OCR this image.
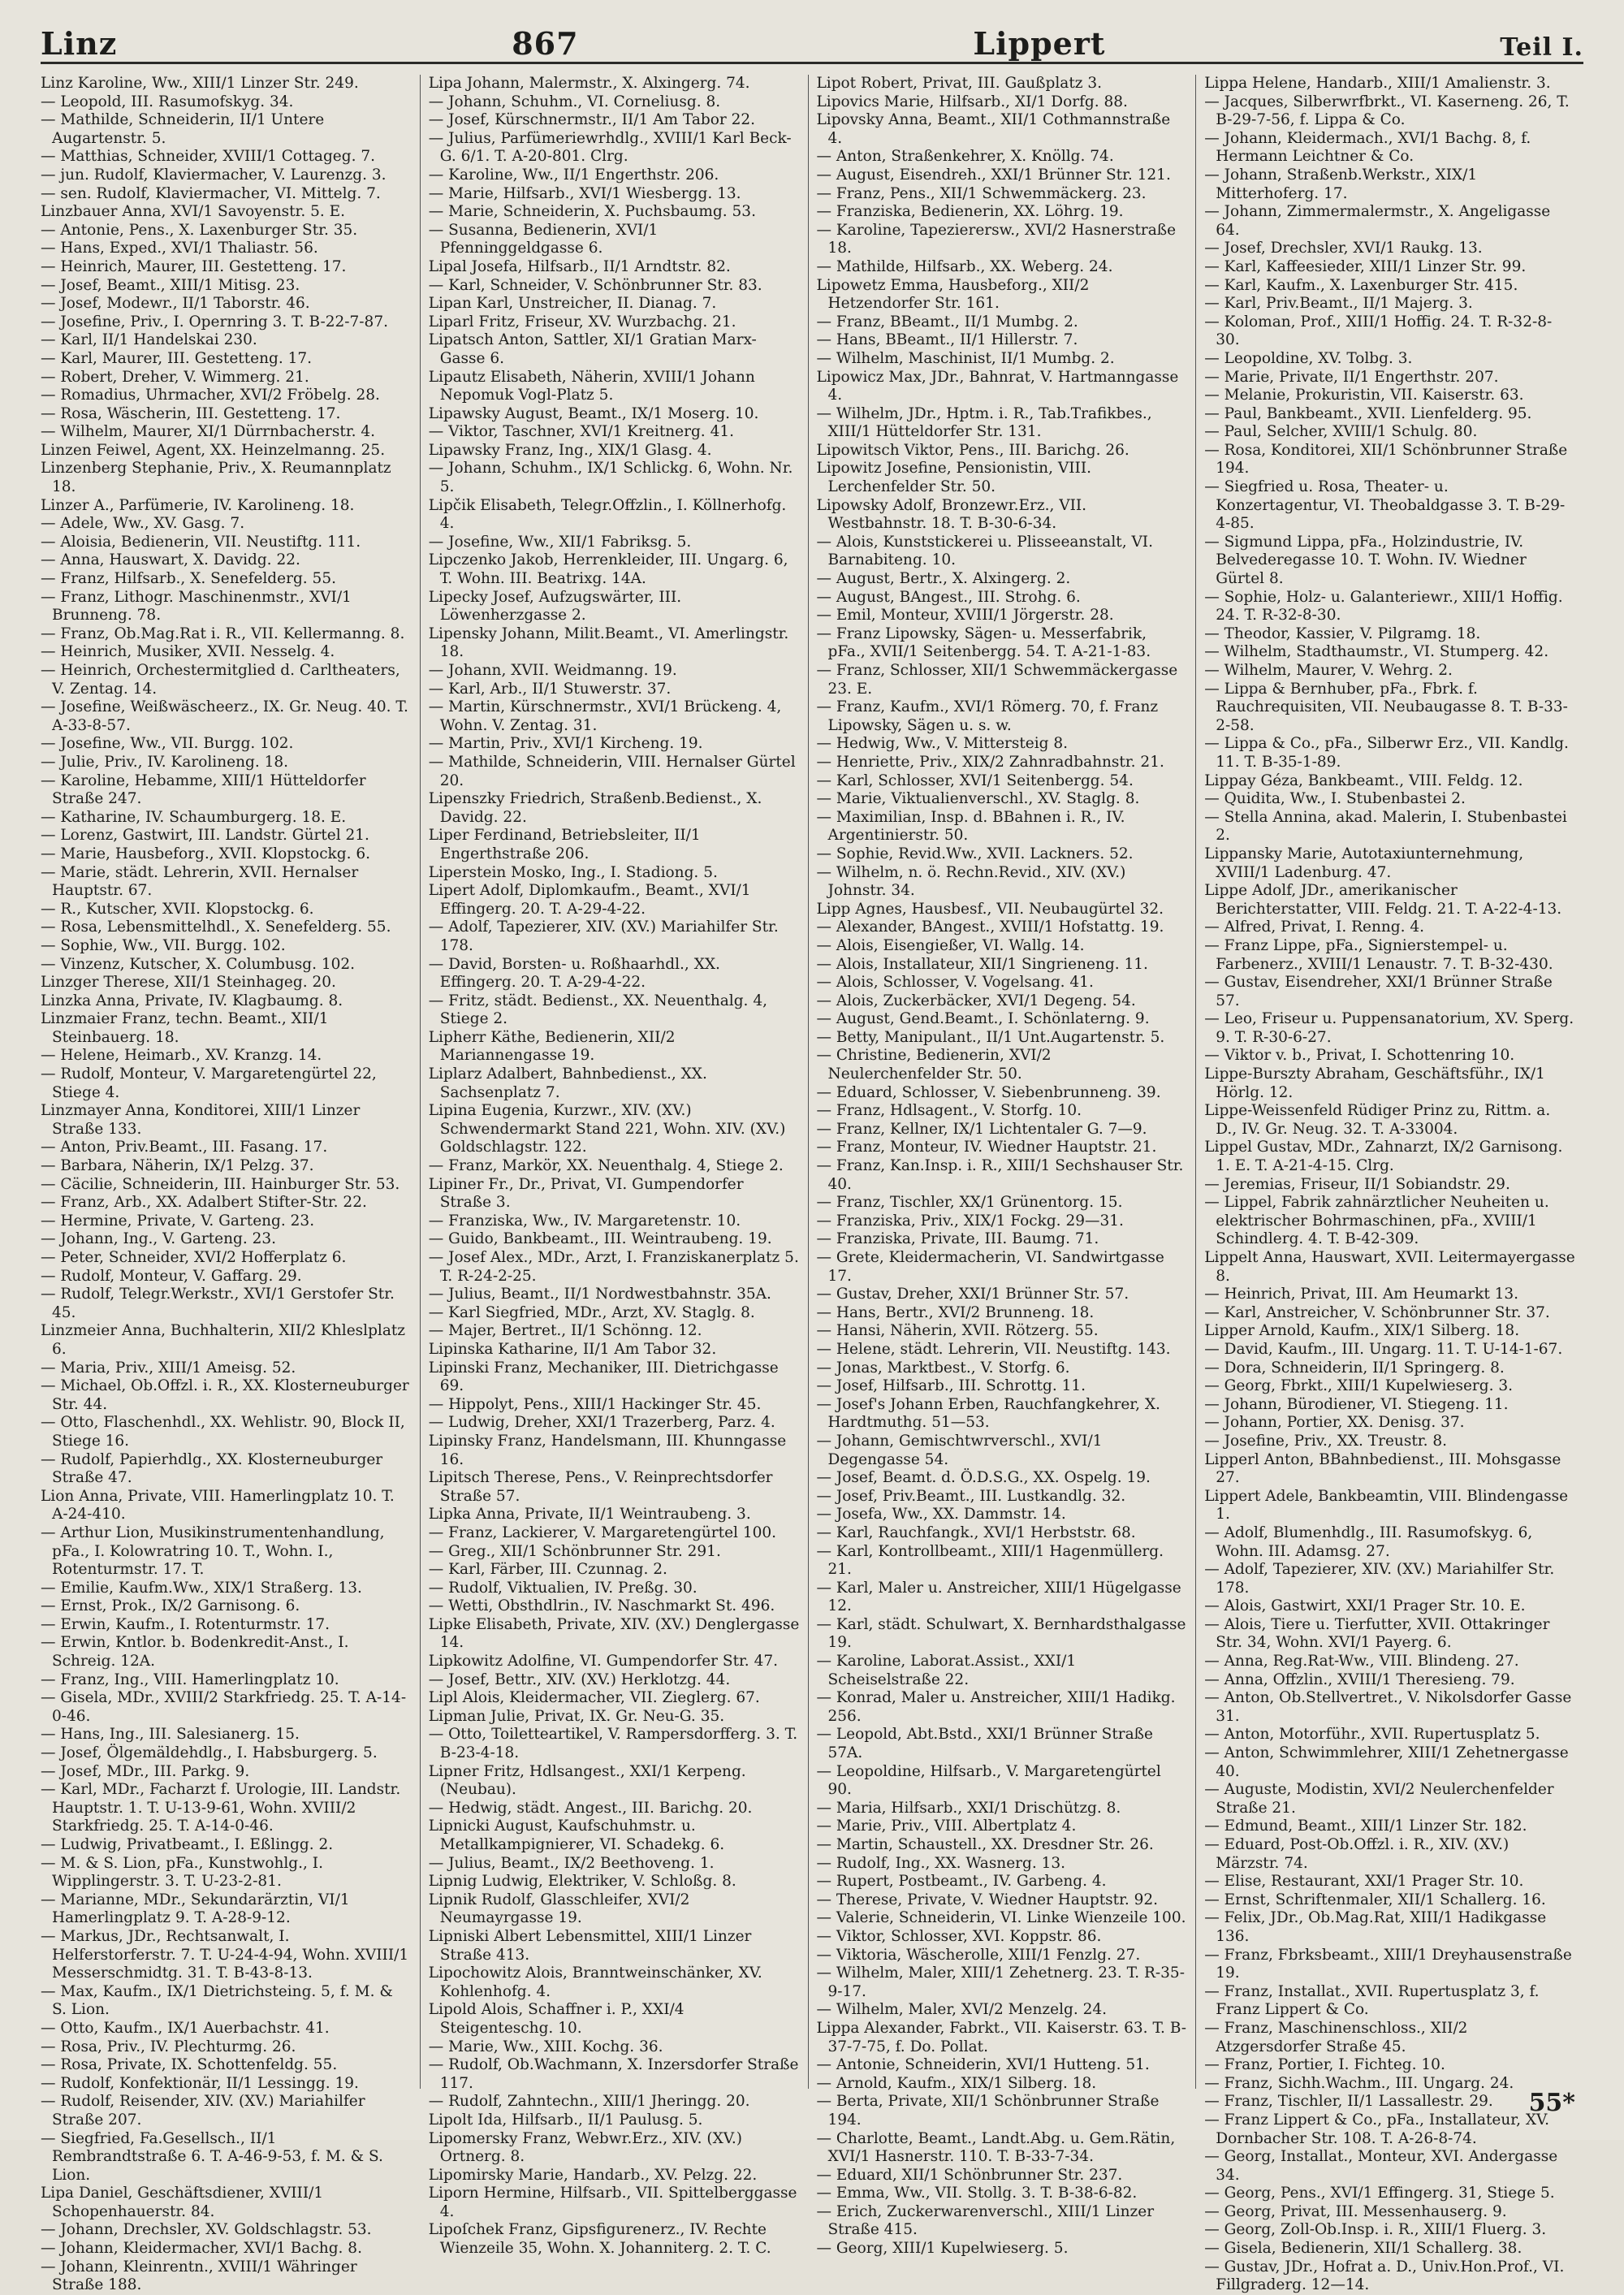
Linz	867	Lippert	Teil I.
Linz Karoline, Ww., XIII/1 Linzer Str. 249.
— Leopold, III. Rasumofskyg. 34.
— Mathilde, Schneiderin, II/1 Untere Augartenstr. 5.
— Matthias, Schneider, XVIII/1 Cottageg. 7.
— jun. Rudolf, Klaviermacher, V. Laurenzg. 3.
— sen. Rudolf, Klaviermacher, VI. Mittelg. 7.
Linzbauer Anna, XVI/1 Savoyenstr. 5. E.
— Antonie, Pens., X. Laxenburger Str. 35.
— Hans, Exped., XVI/1 Thaliastr. 56.
— Heinrich, Maurer, III. Gestetteng. 17.
— Josef, Beamt., XIII/1 Mitisg. 23.
— Josef, Modewr., II/1 Taborstr. 46.
— Josefine, Priv., I. Opernring 3. T. B-22-7-87.
— Karl, II/1 Handelskai 230.
— Karl, Maurer, III. Gestetteng. 17.
— Robert, Dreher, V. Wimmerg. 21.
— Romadius, Uhrmacher, XVI/2 Fröbelg. 28.
— Rosa, Wäscherin, III. Gestetteng. 17.
— Wilhelm, Maurer, XI/1 Dürrnbacherstr. 4.
Linzen Feiwel, Agent, XX. Heinzelmanng. 25.
Linzenberg Stephanie, Priv., X. Reumannplatz 18.
Linzer A., Parfümerie, IV. Karolineng. 18.
— Adele, Ww., XV. Gasg. 7.
— Aloisia, Bedienerin, VII. Neustiftg. 111.
— Anna, Hauswart, X. Davidg. 22.
— Franz, Hilfsarb., X. Senefelderg. 55.
— Franz, Lithogr. Maschinenmstr., XVI/1 Brunneng. 78.
— Franz, Ob.Mag.Rat i. R., VII. Kellermanng. 8.
— Heinrich, Musiker, XVII. Nesselg. 4.
— Heinrich, Orchestermitglied d. Carltheaters, V. Zentag. 14.
— Josefine, Weißwäscheerz., IX. Gr. Neug. 40. T. A-33-8-57.
— Josefine, Ww., VII. Burgg. 102.
— Julie, Priv., IV. Karolineng. 18.
— Karoline, Hebamme, XIII/1 Hütteldorfer Straße 247.
— Katharine, IV. Schaumburgerg. 18. E.
— Lorenz, Gastwirt, III. Landstr. Gürtel 21.
— Marie, Hausbeforg., XVII. Klopstockg. 6.
— Marie, städt. Lehrerin, XVII. Hernalser Hauptstr. 67.
— R., Kutscher, XVII. Klopstockg. 6.
— Rosa, Lebensmittelhdl., X. Senefelderg. 55.
— Sophie, Ww., VII. Burgg. 102.
— Vinzenz, Kutscher, X. Columbusg. 102.
Linzger Therese, XII/1 Steinhageg. 20.
Linzka Anna, Private, IV. Klagbaumg. 8.
Linzmaier Franz, techn. Beamt., XII/1 Steinbauerg. 18.
— Helene, Heimarb., XV. Kranzg. 14.
— Rudolf, Monteur, V. Margaretengürtel 22, Stiege 4.
Linzmayer Anna, Konditorei, XIII/1 Linzer Straße 133.
— Anton, Priv.Beamt., III. Fasang. 17.
— Barbara, Näherin, IX/1 Pelzg. 37.
— Cäcilie, Schneiderin, III. Hainburger Str. 53.
— Franz, Arb., XX. Adalbert Stifter-Str. 22.
— Hermine, Private, V. Garteng. 23.
— Johann, Ing., V. Garteng. 23.
— Peter, Schneider, XVI/2 Hofferplatz 6.
— Rudolf, Monteur, V. Gaffarg. 29.
— Rudolf, Telegr.Werkstr., XVI/1 Gerstofer Str. 45.
Linzmeier Anna, Buchhalterin, XII/2 Khleslplatz 6.
— Maria, Priv., XIII/1 Ameisg. 52.
— Michael, Ob.Offzl. i. R., XX. Klosterneuburger Str. 44.
— Otto, Flaschenhdl., XX. Wehlistr. 90, Block II, Stiege 16.
— Rudolf, Papierhdlg., XX. Klosterneuburger Straße 47.
Lion Anna, Private, VIII. Hamerlingplatz 10. T. A-24-410.
— Arthur Lion, Musikinstrumentenhandlung, pFa., I. Kolowratring 10. T., Wohn. I., Rotenturmstr. 17. T.
— Emilie, Kaufm.Ww., XIX/1 Straßerg. 13.
— Ernst, Prok., IX/2 Garnisong. 6.
— Erwin, Kaufm., I. Rotenturmstr. 17.
— Erwin, Kntlor. b. Bodenkredit-Anst., I. Schreig. 12A.
— Franz, Ing., VIII. Hamerlingplatz 10.
— Gisela, MDr., XVIII/2 Starkfriedg. 25. T. A-14-0-46.
— Hans, Ing., III. Salesianerg. 15.
— Josef, Ölgemäldehdlg., I. Habsburgerg. 5.
— Josef, MDr., III. Parkg. 9.
— Karl, MDr., Facharzt f. Urologie, III. Landstr. Hauptstr. 1. T. U-13-9-61, Wohn. XVIII/2 Starkfriedg. 25. T. A-14-0-46.
— Ludwig, Privatbeamt., I. Eßlingg. 2.
— M. & S. Lion, pFa., Kunstwohlg., I. Wipplingerstr. 3. T. U-23-2-81.
— Marianne, MDr., Sekundarärztin, VI/1 Hamerlingplatz 9. T. A-28-9-12.
— Markus, JDr., Rechtsanwalt, I. Helferstorferstr. 7. T. U-24-4-94, Wohn. XVIII/1 Messerschmidtg. 31. T. B-43-8-13.
— Max, Kaufm., IX/1 Dietrichsteing. 5, f. M. & S. Lion.
— Otto, Kaufm., IX/1 Auerbachstr. 41.
— Rosa, Priv., IV. Plechturmg. 26.
— Rosa, Private, IX. Schottenfeldg. 55.
— Rudolf, Konfektionär, II/1 Lessingg. 19.
— Rudolf, Reisender, XIV. (XV.) Mariahilfer Straße 207.
— Siegfried, Fa.Gesellsch., II/1 Rembrandtstraße 6. T. A-46-9-53, f. M. & S. Lion.
Lipa Daniel, Geschäftsdiener, XVIII/1 Schopenhauerstr. 84.
— Johann, Drechsler, XV. Goldschlagstr. 53.
— Johann, Kleidermacher, XVI/1 Bachg. 8.
— Johann, Kleinrentn., XVIII/1 Währinger Straße 188.
Lipa Johann, Malermstr., X. Alxingerg. 74.
— Johann, Schuhm., VI. Corneliusg. 8.
— Josef, Kürschnermstr., II/1 Am Tabor 22.
— Julius, Parfümeriewrhdlg., XVIII/1 Karl Beck-G. 6/1. T. A-20-801. Clrg.
— Karoline, Ww., II/1 Engerthstr. 206.
— Marie, Hilfsarb., XVI/1 Wiesbergg. 13.
— Marie, Schneiderin, X. Puchsbaumg. 53.
— Susanna, Bedienerin, XVI/1 Pfenninggeldgasse 6.
Lipal Josefa, Hilfsarb., II/1 Arndtstr. 82.
— Karl, Schneider, V. Schönbrunner Str. 83.
Lipan Karl, Unstreicher, II. Dianag. 7.
Liparl Fritz, Friseur, XV. Wurzbachg. 21.
Lipatsch Anton, Sattler, XI/1 Gratian Marx-Gasse 6.
Lipautz Elisabeth, Näherin, XVIII/1 Johann Nepomuk Vogl-Platz 5.
Lipawsky August, Beamt., IX/1 Moserg. 10.
— Viktor, Taschner, XVI/1 Kreitnerg. 41.
Lipawsky Franz, Ing., XIX/1 Glasg. 4.
— Johann, Schuhm., IX/1 Schlickg. 6, Wohn. Nr. 5.
Lipčik Elisabeth, Telegr.Offzlin., I. Köllnerhofg. 4.
— Josefine, Ww., XII/1 Fabriksg. 5.
Lipczenko Jakob, Herrenkleider, III. Ungarg. 6, T. Wohn. III. Beatrixg. 14A.
Lipecky Josef, Aufzugswärter, III. Löwenherzgasse 2.
Lipensky Johann, Milit.Beamt., VI. Amerlingstr. 18.
— Johann, XVII. Weidmanng. 19.
— Karl, Arb., II/1 Stuwerstr. 37.
— Martin, Kürschnermstr., XVI/1 Brückeng. 4, Wohn. V. Zentag. 31.
— Martin, Priv., XVI/1 Kircheng. 19.
— Mathilde, Schneiderin, VIII. Hernalser Gürtel 20.
Lipenszky Friedrich, Straßenb.Bedienst., X. Davidg. 22.
Liper Ferdinand, Betriebsleiter, II/1 Engerthstraße 206.
Liperstein Mosko, Ing., I. Stadiong. 5.
Lipert Adolf, Diplomkaufm., Beamt., XVI/1 Effingerg. 20. T. A-29-4-22.
— Adolf, Tapezierer, XIV. (XV.) Mariahilfer Str. 178.
— David, Borsten- u. Roßhaarhdl., XX. Effingerg. 20. T. A-29-4-22.
— Fritz, städt. Bedienst., XX. Neuenthalg. 4, Stiege 2.
Lipherr Käthe, Bedienerin, XII/2 Mariannengasse 19.
Liplarz Adalbert, Bahnbedienst., XX. Sachsenplatz 7.
Lipina Eugenia, Kurzwr., XIV. (XV.) Schwendermarkt Stand 221, Wohn. XIV. (XV.) Goldschlagstr. 122.
— Franz, Markör, XX. Neuenthalg. 4, Stiege 2.
Lipiner Fr., Dr., Privat, VI. Gumpendorfer Straße 3.
— Franziska, Ww., IV. Margaretenstr. 10.
— Guido, Bankbeamt., III. Weintraubeng. 19.
— Josef Alex., MDr., Arzt, I. Franziskanerplatz 5. T. R-24-2-25.
— Julius, Beamt., II/1 Nordwestbahnstr. 35A.
— Karl Siegfried, MDr., Arzt, XV. Staglg. 8.
— Majer, Bertret., II/1 Schönng. 12.
Lipinska Katharine, II/1 Am Tabor 32.
Lipinski Franz, Mechaniker, III. Dietrichgasse 69.
— Hippolyt, Pens., XIII/1 Hackinger Str. 45.
— Ludwig, Dreher, XXI/1 Trazerberg, Parz. 4.
Lipinsky Franz, Handelsmann, III. Khunngasse 16.
Lipitsch Therese, Pens., V. Reinprechtsdorfer Straße 57.
Lipka Anna, Private, II/1 Weintraubeng. 3.
— Franz, Lackierer, V. Margaretengürtel 100.
— Greg., XII/1 Schönbrunner Str. 291.
— Karl, Färber, III. Czunnag. 2.
— Rudolf, Viktualien, IV. Preßg. 30.
— Wetti, Obsthdlrin., IV. Naschmarkt St. 496.
Lipke Elisabeth, Private, XIV. (XV.) Denglergasse 14.
Lipkowitz Adolfine, VI. Gumpendorfer Str. 47.
— Josef, Bettr., XIV. (XV.) Herklotzg. 44.
Lipl Alois, Kleidermacher, VII. Zieglerg. 67.
Lipman Julie, Privat, IX. Gr. Neu-G. 35.
— Otto, Toiletteartikel, V. Rampersdorfferg. 3. T. B-23-4-18.
Lipner Fritz, Hdlsangest., XXI/1 Kerpeng. (Neubau).
— Hedwig, städt. Angest., III. Barichg. 20.
Lipnicki August, Kaufschuhmstr. u. Metallkampignierer, VI. Schadekg. 6.
— Julius, Beamt., IX/2 Beethoveng. 1.
Lipnig Ludwig, Elektriker, V. Schloßg. 8.
Lipnik Rudolf, Glasschleifer, XVI/2 Neumayrgasse 19.
Lipniski Albert Lebensmittel, XIII/1 Linzer Straße 413.
Lipochowitz Alois, Branntweinschänker, XV. Kohlenhofg. 4.
Lipold Alois, Schaffner i. P., XXI/4 Steigenteschg. 10.
— Marie, Ww., XIII. Kochg. 36.
— Rudolf, Ob.Wachmann, X. Inzersdorfer Straße 117.
— Rudolf, Zahntechn., XIII/1 Jheringg. 20.
Lipolt Ida, Hilfsarb., II/1 Paulusg. 5.
Lipomersky Franz, Webwr.Erz., XIV. (XV.) Ortnerg. 8.
Lipomirsky Marie, Handarb., XV. Pelzg. 22.
Liporn Hermine, Hilfsarb., VII. Spittelberggasse 4.
Lipoſchek Franz, Gipsfigurenerz., IV. Rechte Wienzeile 35, Wohn. X. Johanniterg. 2. T. C.
Lipot Robert, Privat, III. Gaußplatz 3.
Lipovics Marie, Hilfsarb., XI/1 Dorfg. 88.
Lipovsky Anna, Beamt., XII/1 Cothmannstraße 4.
— Anton, Straßenkehrer, X. Knöllg. 74.
— August, Eisendreh., XXI/1 Brünner Str. 121.
— Franz, Pens., XII/1 Schwemmäckerg. 23.
— Franziska, Bedienerin, XX. Löhrg. 19.
— Karoline, Tapezierersw., XVI/2 Hasnerstraße 18.
— Mathilde, Hilfsarb., XX. Weberg. 24.
Lipowetz Emma, Hausbeforg., XII/2 Hetzendorfer Str. 161.
— Franz, BBeamt., II/1 Mumbg. 2.
— Hans, BBeamt., II/1 Hillerstr. 7.
— Wilhelm, Maschinist, II/1 Mumbg. 2.
Lipowicz Max, JDr., Bahnrat, V. Hartmanngasse 4.
— Wilhelm, JDr., Hptm. i. R., Tab.Trafikbes., XIII/1 Hütteldorfer Str. 131.
Lipowitsch Viktor, Pens., III. Barichg. 26.
Lipowitz Josefine, Pensionistin, VIII. Lerchenfelder Str. 50.
Lipowsky Adolf, Bronzewr.Erz., VII. Westbahnstr. 18. T. B-30-6-34.
— Alois, Kunststickerei u. Plisseeanstalt, VI. Barnabiteng. 10.
— August, Bertr., X. Alxingerg. 2.
— August, BAngest., III. Strohg. 6.
— Emil, Monteur, XVIII/1 Jörgerstr. 28.
— Franz Lipowsky, Sägen- u. Messerfabrik, pFa., XVII/1 Seitenbergg. 54. T. A-21-1-83.
— Franz, Schlosser, XII/1 Schwemmäckergasse 23. E.
— Franz, Kaufm., XVI/1 Römerg. 70, f. Franz Lipowsky, Sägen u. s. w.
— Hedwig, Ww., V. Mittersteig 8.
— Henriette, Priv., XIX/2 Zahnradbahnstr. 21.
— Karl, Schlosser, XVI/1 Seitenbergg. 54.
— Marie, Viktualienverschl., XV. Staglg. 8.
— Maximilian, Insp. d. BBahnen i. R., IV. Argentinierstr. 50.
— Sophie, Revid.Ww., XVII. Lackners. 52.
— Wilhelm, n. ö. Rechn.Revid., XIV. (XV.) Johnstr. 34.
Lipp Agnes, Hausbesf., VII. Neubaugürtel 32.
— Alexander, BAngest., XVIII/1 Hofstattg. 19.
— Alois, Eisengießer, VI. Wallg. 14.
— Alois, Installateur, XII/1 Singrieneng. 11.
— Alois, Schlosser, V. Vogelsang. 41.
— Alois, Zuckerbäcker, XVI/1 Degeng. 54.
— August, Gend.Beamt., I. Schönlaterng. 9.
— Betty, Manipulant., II/1 Unt.Augartenstr. 5.
— Christine, Bedienerin, XVI/2 Neulerchenfelder Str. 50.
— Eduard, Schlosser, V. Siebenbrunneng. 39.
— Franz, Hdlsagent., V. Storfg. 10.
— Franz, Kellner, IX/1 Lichtentaler G. 7—9.
— Franz, Monteur, IV. Wiedner Hauptstr. 21.
— Franz, Kan.Insp. i. R., XIII/1 Sechshauser Str. 40.
— Franz, Tischler, XX/1 Grünentorg. 15.
— Franziska, Priv., XIX/1 Fockg. 29—31.
— Franziska, Private, III. Baumg. 71.
— Grete, Kleidermacherin, VI. Sandwirtgasse 17.
— Gustav, Dreher, XXI/1 Brünner Str. 57.
— Hans, Bertr., XVI/2 Brunneng. 18.
— Hansi, Näherin, XVII. Rötzerg. 55.
— Helene, städt. Lehrerin, VII. Neustiftg. 143.
— Jonas, Marktbest., V. Storfg. 6.
— Josef, Hilfsarb., III. Schrottg. 11.
— Josef's Johann Erben, Rauchfangkehrer, X. Hardtmuthg. 51—53.
— Johann, Gemischtwrverschl., XVI/1 Degengasse 54.
— Josef, Beamt. d. Ö.D.S.G., XX. Ospelg. 19.
— Josef, Priv.Beamt., III. Lustkandlg. 32.
— Josefa, Ww., XX. Dammstr. 14.
— Karl, Rauchfangk., XVI/1 Herbststr. 68.
— Karl, Kontrollbeamt., XIII/1 Hagenmüllerg. 21.
— Karl, Maler u. Anstreicher, XIII/1 Hügelgasse 12.
— Karl, städt. Schulwart, X. Bernhardsthalgasse 19.
— Karoline, Laborat.Assist., XXI/1 Scheiselstraße 22.
— Konrad, Maler u. Anstreicher, XIII/1 Hadikg. 256.
— Leopold, Abt.Bstd., XXI/1 Brünner Straße 57A.
— Leopoldine, Hilfsarb., V. Margaretengürtel 90.
— Maria, Hilfsarb., XXI/1 Drischützg. 8.
— Marie, Priv., VIII. Albertplatz 4.
— Martin, Schaustell., XX. Dresdner Str. 26.
— Rudolf, Ing., XX. Wasnerg. 13.
— Rupert, Postbeamt., IV. Garbeng. 4.
— Therese, Private, V. Wiedner Hauptstr. 92.
— Valerie, Schneiderin, VI. Linke Wienzeile 100.
— Viktor, Schlosser, XVI. Koppstr. 86.
— Viktoria, Wäscherolle, XIII/1 Fenzlg. 27.
— Wilhelm, Maler, XIII/1 Zehetnerg. 23. T. R-35-9-17.
— Wilhelm, Maler, XVI/2 Menzelg. 24.
Lippa Alexander, Fabrkt., VII. Kaiserstr. 63. T. B-37-7-75, f. Do. Pollat.
— Antonie, Schneiderin, XVI/1 Hutteng. 51.
— Arnold, Kaufm., XIX/1 Silberg. 18.
— Berta, Private, XII/1 Schönbrunner Straße 194.
— Charlotte, Beamt., Landt.Abg. u. Gem.Rätin, XVI/1 Hasnerstr. 110. T. B-33-7-34.
— Eduard, XII/1 Schönbrunner Str. 237.
— Emma, Ww., VII. Stollg. 3. T. B-38-6-82.
— Erich, Zuckerwarenverschl., XIII/1 Linzer Straße 415.
— Georg, XIII/1 Kupelwieserg. 5.
Lippa Helene, Handarb., XIII/1 Amalienstr. 3.
— Jacques, Silberwrfbrkt., VI. Kaserneng. 26, T. B-29-7-56, f. Lippa & Co.
— Johann, Kleidermach., XVI/1 Bachg. 8, f. Hermann Leichtner & Co.
— Johann, Straßenb.Werkstr., XIX/1 Mitterhoferg. 17.
— Johann, Zimmermalermstr., X. Angeligasse 64.
— Josef, Drechsler, XVI/1 Raukg. 13.
— Karl, Kaffeesieder, XIII/1 Linzer Str. 99.
— Karl, Kaufm., X. Laxenburger Str. 415.
— Karl, Priv.Beamt., II/1 Majerg. 3.
— Koloman, Prof., XIII/1 Hoffig. 24. T. R-32-8-30.
— Leopoldine, XV. Tolbg. 3.
— Marie, Private, II/1 Engerthstr. 207.
— Melanie, Prokuristin, VII. Kaiserstr. 63.
— Paul, Bankbeamt., XVII. Lienfelderg. 95.
— Paul, Selcher, XVIII/1 Schulg. 80.
— Rosa, Konditorei, XII/1 Schönbrunner Straße 194.
— Siegfried u. Rosa, Theater- u. Konzertagentur, VI. Theobaldgasse 3. T. B-29-4-85.
— Sigmund Lippa, pFa., Holzindustrie, IV. Belvederegasse 10. T. Wohn. IV. Wiedner Gürtel 8.
— Sophie, Holz- u. Galanteriewr., XIII/1 Hoffig. 24. T. R-32-8-30.
— Theodor, Kassier, V. Pilgramg. 18.
— Wilhelm, Stadthaumstr., VI. Stumperg. 42.
— Wilhelm, Maurer, V. Wehrg. 2.
— Lippa & Bernhuber, pFa., Fbrk. f. Rauchrequisiten, VII. Neubaugasse 8. T. B-33-2-58.
— Lippa & Co., pFa., Silberwr Erz., VII. Kandlg. 11. T. B-35-1-89.
Lippay Géza, Bankbeamt., VIII. Feldg. 12.
— Quidita, Ww., I. Stubenbastei 2.
— Stella Annina, akad. Malerin, I. Stubenbastei 2.
Lippansky Marie, Autotaxiunternehmung, XVIII/1 Ladenburg. 47.
Lippe Adolf, JDr., amerikanischer Berichterstatter, VIII. Feldg. 21. T. A-22-4-13.
— Alfred, Privat, I. Renng. 4.
— Franz Lippe, pFa., Signierstempel- u. Farbenerz., XVIII/1 Lenaustr. 7. T. B-32-430.
— Gustav, Eisendreher, XXI/1 Brünner Straße 57.
— Leo, Friseur u. Puppensanatorium, XV. Sperg. 9. T. R-30-6-27.
— Viktor v. b., Privat, I. Schottenring 10.
Lippe-Burszty Abraham, Geschäftsführ., IX/1 Hörlg. 12.
Lippe-Weissenfeld Rüdiger Prinz zu, Rittm. a. D., IV. Gr. Neug. 32. T. A-33004.
Lippel Gustav, MDr., Zahnarzt, IX/2 Garnisong. 1. E. T. A-21-4-15. Clrg.
— Jeremias, Friseur, II/1 Sobiandstr. 29.
— Lippel, Fabrik zahnärztlicher Neuheiten u. elektrischer Bohrmaschinen, pFa., XVIII/1 Schindlerg. 4. T. B-42-309.
Lippelt Anna, Hauswart, XVII. Leitermayergasse 8.
— Heinrich, Privat, III. Am Heumarkt 13.
— Karl, Anstreicher, V. Schönbrunner Str. 37.
Lipper Arnold, Kaufm., XIX/1 Silberg. 18.
— David, Kaufm., III. Ungarg. 11. T. U-14-1-67.
— Dora, Schneiderin, II/1 Springerg. 8.
— Georg, Fbrkt., XIII/1 Kupelwieserg. 3.
— Johann, Bürodiener, VI. Stiegeng. 11.
— Johann, Portier, XX. Denisg. 37.
— Josefine, Priv., XX. Treustr. 8.
Lipperl Anton, BBahnbedienst., III. Mohsgasse 27.
Lippert Adele, Bankbeamtin, VIII. Blindengasse 1.
— Adolf, Blumenhdlg., III. Rasumofskyg. 6, Wohn. III. Adamsg. 27.
— Adolf, Tapezierer, XIV. (XV.) Mariahilfer Str. 178.
— Alois, Gastwirt, XXI/1 Prager Str. 10. E.
— Alois, Tiere u. Tierfutter, XVII. Ottakringer Str. 34, Wohn. XVI/1 Payerg. 6.
— Anna, Reg.Rat-Ww., VIII. Blindeng. 27.
— Anna, Offzlin., XVIII/1 Theresieng. 79.
— Anton, Ob.Stellvertret., V. Nikolsdorfer Gasse 31.
— Anton, Motorführ., XVII. Rupertusplatz 5.
— Anton, Schwimmlehrer, XIII/1 Zehetnergasse 40.
— Auguste, Modistin, XVI/2 Neulerchenfelder Straße 21.
— Edmund, Beamt., XIII/1 Linzer Str. 182.
— Eduard, Post-Ob.Offzl. i. R., XIV. (XV.) Märzstr. 74.
— Elise, Restaurant, XXI/1 Prager Str. 10.
— Ernst, Schriftenmaler, XII/1 Schallerg. 16.
— Felix, JDr., Ob.Mag.Rat, XIII/1 Hadikgasse 136.
— Franz, Fbrksbeamt., XIII/1 Dreyhausenstraße 19.
— Franz, Installat., XVII. Rupertusplatz 3, f. Franz Lippert & Co.
— Franz, Maschinenschloss., XII/2 Atzgersdorfer Straße 45.
— Franz, Portier, I. Fichteg. 10.
— Franz, Sichh.Wachm., III. Ungarg. 24.
— Franz, Tischler, II/1 Lassallestr. 29.
— Franz Lippert & Co., pFa., Installateur, XV. Dornbacher Str. 108. T. A-26-8-74.
— Georg, Installat., Monteur, XVI. Andergasse 34.
— Georg, Pens., XVI/1 Effingerg. 31, Stiege 5.
— Georg, Privat, III. Messenhauserg. 9.
— Georg, Zoll-Ob.Insp. i. R., XIII/1 Fluerg. 3.
— Gisela, Bedienerin, XII/1 Schallerg. 38.
— Gustav, JDr., Hofrat a. D., Univ.Hon.Prof., VI. Fillgraderg. 12—14.
55*
